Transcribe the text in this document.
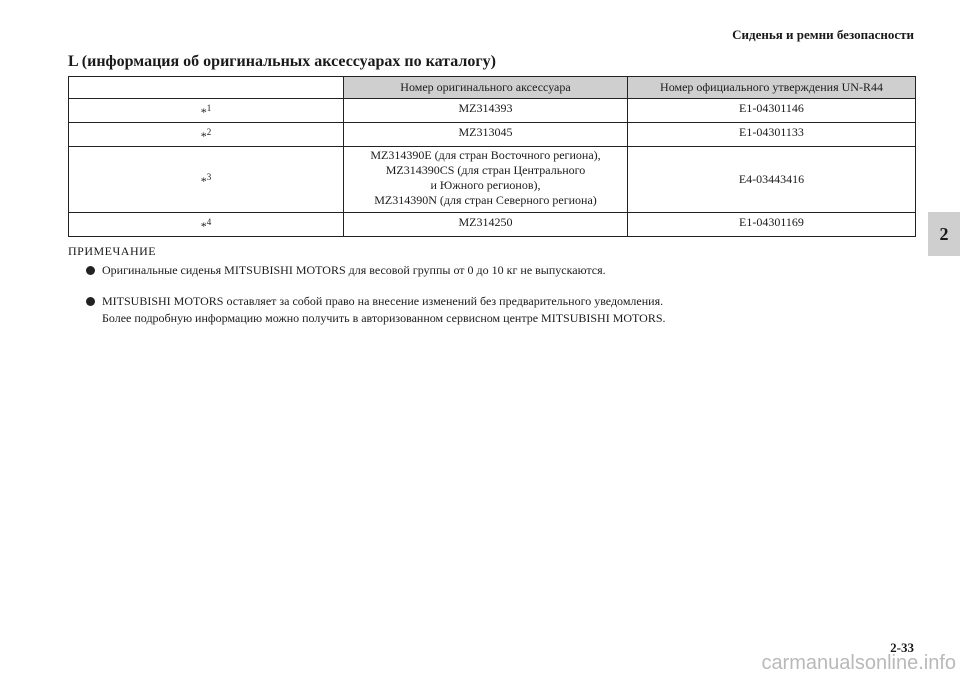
Сиденья и ремни безопасности
L (информация об оригинальных аксессуарах по каталогу)
	Номер оригинального аксессуара	Номер официального утверждения UN-R44
*$^1$	MZ314393	E1-04301146
*$^2$	MZ313045	E1-04301133
*$^3$	MZ314390E (для стран Восточного региона),
MZ314390CS (для стран Центрального
и Южного регионов),
MZ314390N (для стран Северного региона)	E4-03443416
*$^4$	MZ314250	E1-04301169

ПРИМЕЧАНИЕ

Оригинальные сиденья MITSUBISHI MOTORS для весовой группы от 0 до 10 кг не выпускаются.
MITSUBISHI MOTORS оставляет за собой право на внесение изменений без предварительного уведомления.
Более подробную информацию можно получить в авторизованном сервисном центре MITSUBISHI MOTORS.
2
2-33
carmanualsonline.info
